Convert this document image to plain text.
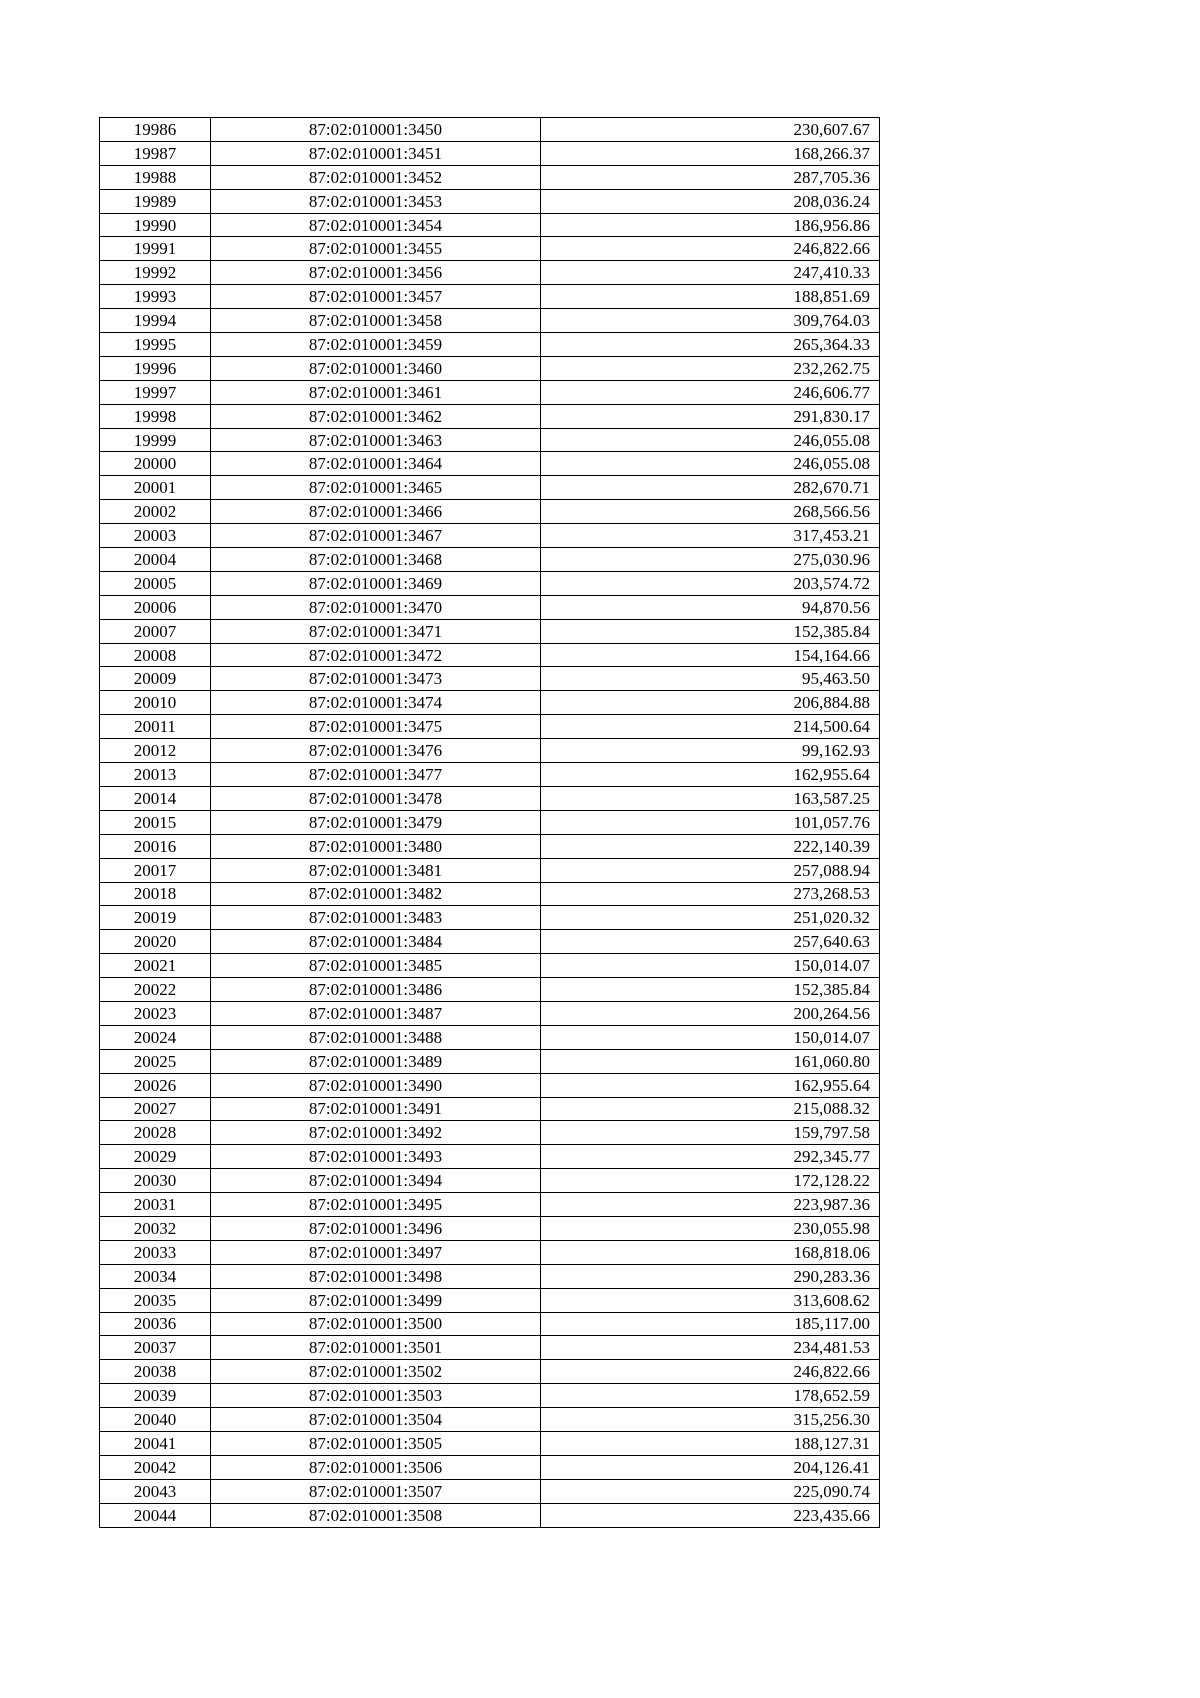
19986	87:02:010001:3450	230,607.67
19987	87:02:010001:3451	168,266.37
19988	87:02:010001:3452	287,705.36
19989	87:02:010001:3453	208,036.24
19990	87:02:010001:3454	186,956.86
19991	87:02:010001:3455	246,822.66
19992	87:02:010001:3456	247,410.33
19993	87:02:010001:3457	188,851.69
19994	87:02:010001:3458	309,764.03
19995	87:02:010001:3459	265,364.33
19996	87:02:010001:3460	232,262.75
19997	87:02:010001:3461	246,606.77
19998	87:02:010001:3462	291,830.17
19999	87:02:010001:3463	246,055.08
20000	87:02:010001:3464	246,055.08
20001	87:02:010001:3465	282,670.71
20002	87:02:010001:3466	268,566.56
20003	87:02:010001:3467	317,453.21
20004	87:02:010001:3468	275,030.96
20005	87:02:010001:3469	203,574.72
20006	87:02:010001:3470	94,870.56
20007	87:02:010001:3471	152,385.84
20008	87:02:010001:3472	154,164.66
20009	87:02:010001:3473	95,463.50
20010	87:02:010001:3474	206,884.88
20011	87:02:010001:3475	214,500.64
20012	87:02:010001:3476	99,162.93
20013	87:02:010001:3477	162,955.64
20014	87:02:010001:3478	163,587.25
20015	87:02:010001:3479	101,057.76
20016	87:02:010001:3480	222,140.39
20017	87:02:010001:3481	257,088.94
20018	87:02:010001:3482	273,268.53
20019	87:02:010001:3483	251,020.32
20020	87:02:010001:3484	257,640.63
20021	87:02:010001:3485	150,014.07
20022	87:02:010001:3486	152,385.84
20023	87:02:010001:3487	200,264.56
20024	87:02:010001:3488	150,014.07
20025	87:02:010001:3489	161,060.80
20026	87:02:010001:3490	162,955.64
20027	87:02:010001:3491	215,088.32
20028	87:02:010001:3492	159,797.58
20029	87:02:010001:3493	292,345.77
20030	87:02:010001:3494	172,128.22
20031	87:02:010001:3495	223,987.36
20032	87:02:010001:3496	230,055.98
20033	87:02:010001:3497	168,818.06
20034	87:02:010001:3498	290,283.36
20035	87:02:010001:3499	313,608.62
20036	87:02:010001:3500	185,117.00
20037	87:02:010001:3501	234,481.53
20038	87:02:010001:3502	246,822.66
20039	87:02:010001:3503	178,652.59
20040	87:02:010001:3504	315,256.30
20041	87:02:010001:3505	188,127.31
20042	87:02:010001:3506	204,126.41
20043	87:02:010001:3507	225,090.74
20044	87:02:010001:3508	223,435.66
